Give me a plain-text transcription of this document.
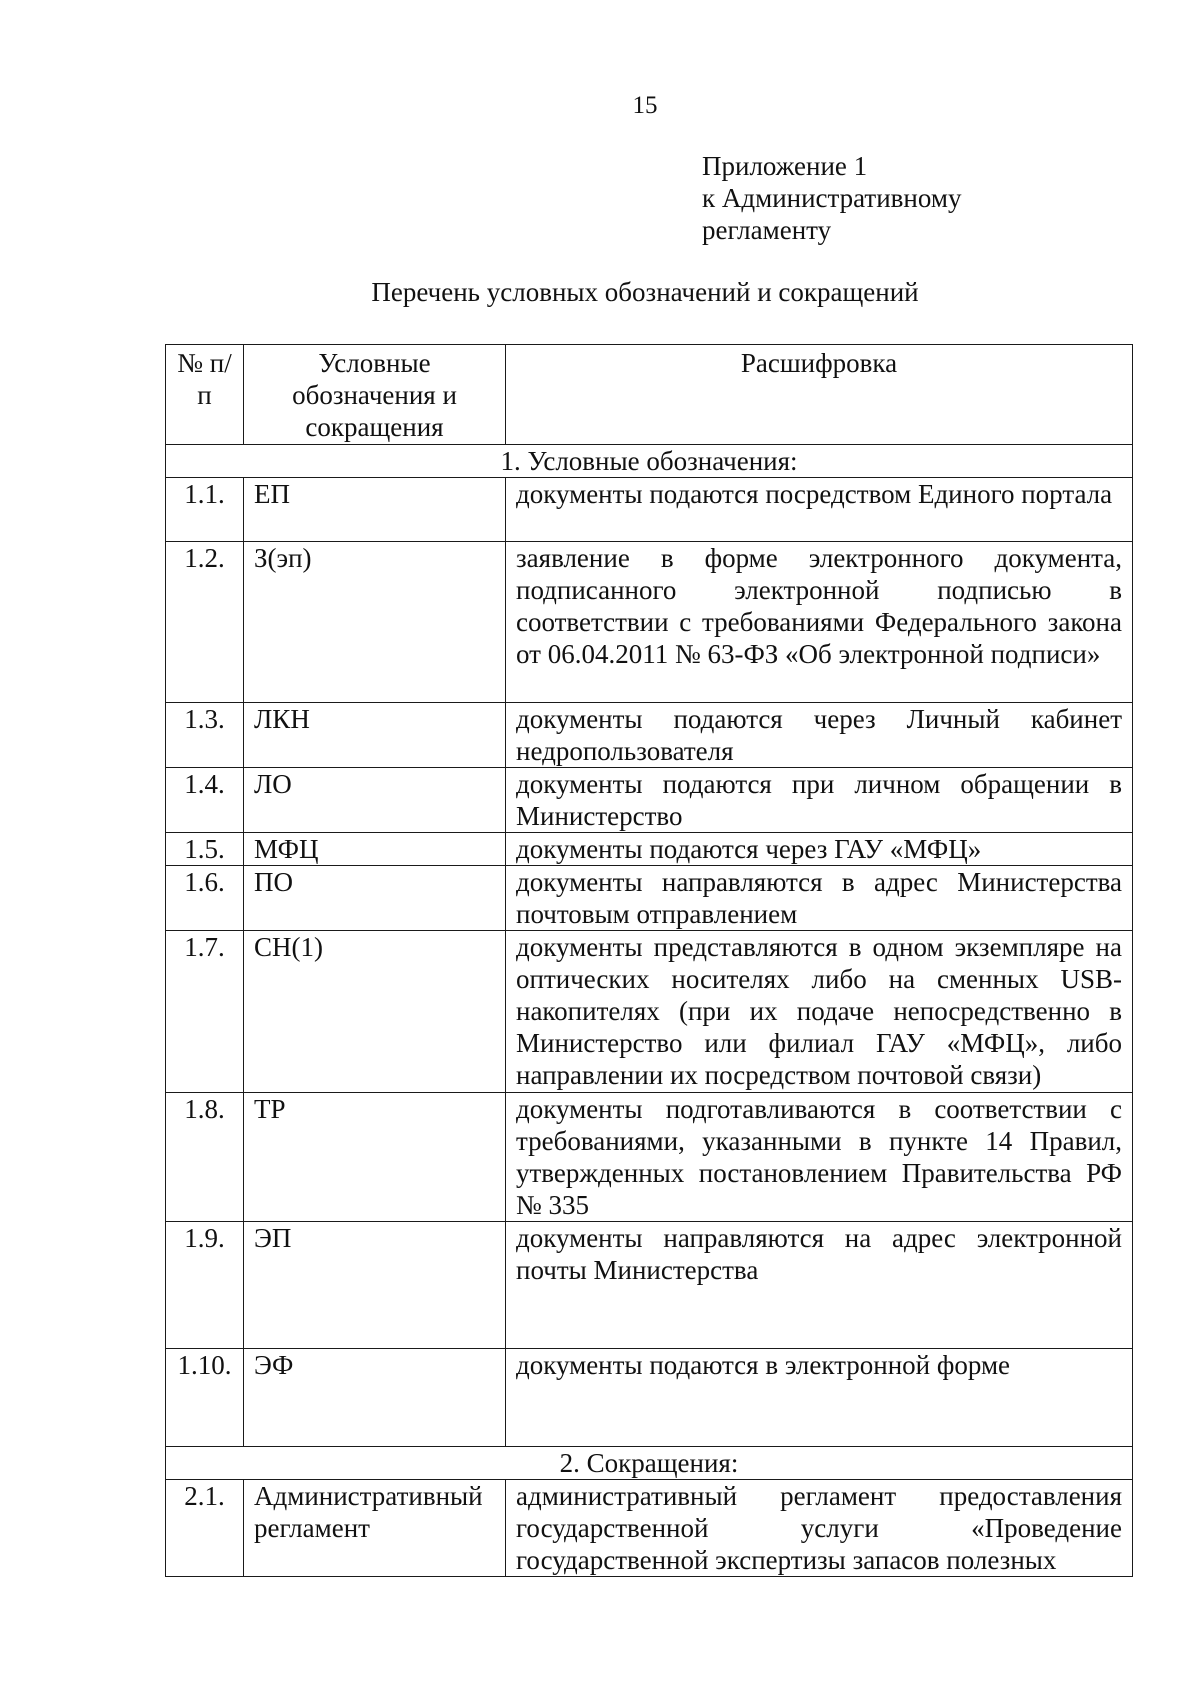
15
Приложение 1
к Административному
регламенту
Перечень условных обозначений и сокращений
№ п/п	Условные обозначения и сокращения	Расшифровка
1. Условные обозначения:		
1.1.	ЕП	документы подаются посредством Единого портала
1.2.	З(эп)	заявление в форме электронного документа, подписанного электронной подписью в соответствии с требованиями Федерального закона от 06.04.2011 № 63-ФЗ «Об электронной подписи»
1.3.	ЛКН	документы подаются через Личный кабинет недропользователя
1.4.	ЛО	документы подаются при личном обращении в Министерство
1.5.	МФЦ	документы подаются через ГАУ «МФЦ»
1.6.	ПО	документы направляются в адрес Министерства почтовым отправлением
1.7.	СН(1)	документы представляются в одном экземпляре на оптических носителях либо на сменных USB-накопителях (при их подаче непосредственно в Министерство или филиал ГАУ «МФЦ», либо направлении их посредством почтовой связи)
1.8.	ТР	документы подготавливаются в соответствии с требованиями, указанными в пункте 14 Правил, утвержденных постановлением Правительства РФ № 335
1.9.	ЭП	документы направляются на адрес электронной почты Министерства
1.10.	ЭФ	документы подаются в электронной форме
2. Сокращения:		
2.1.	Административный регламент	административный регламент предоставления государственной услуги «Проведение государственной экспертизы запасов полезных
